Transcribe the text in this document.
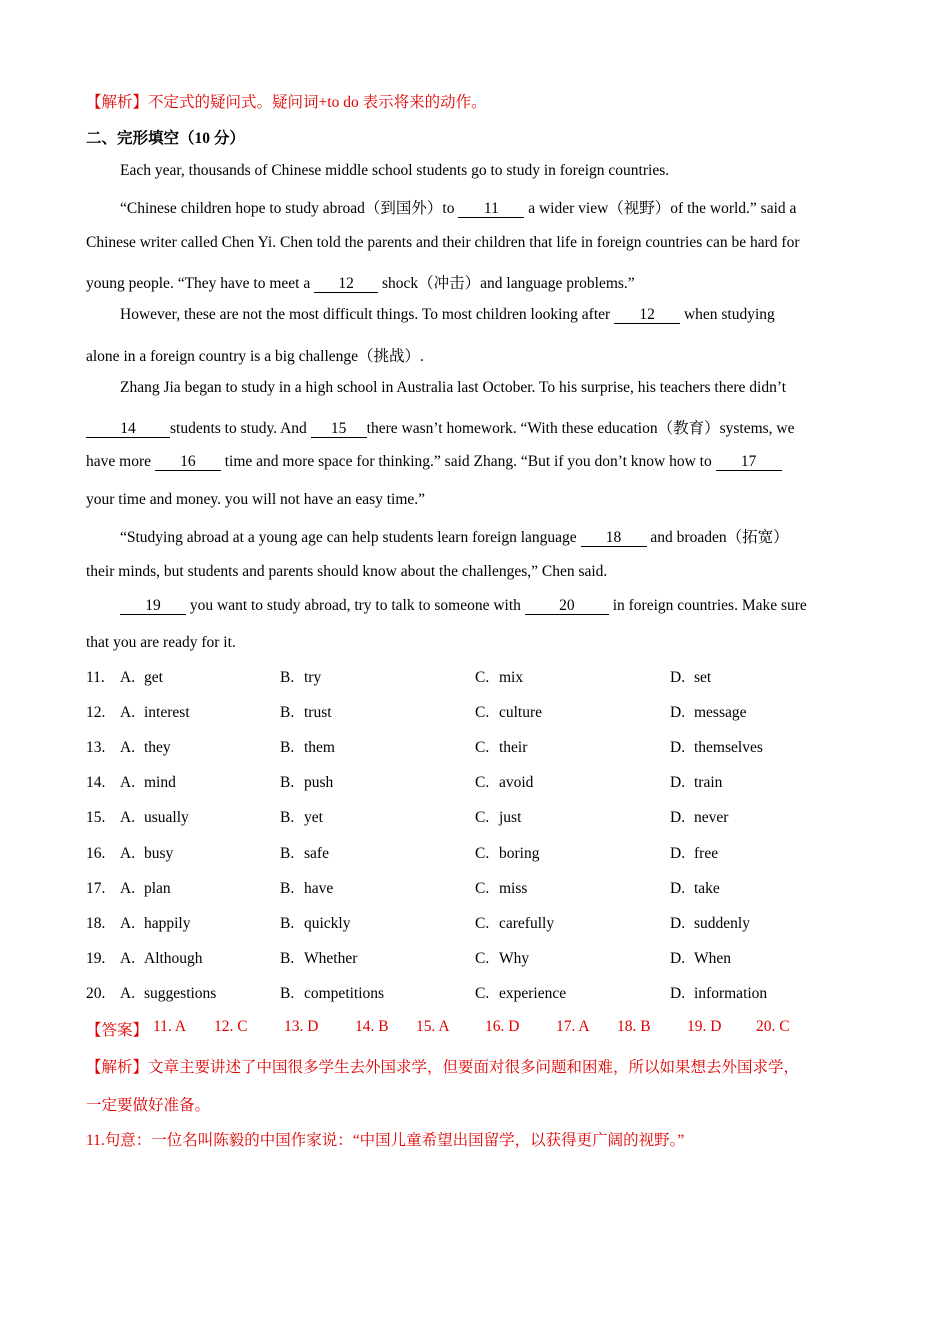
【解析】不定式的疑问式。疑问词+to do 表示将来的动作。
二、完形填空（10 分）
Each year, thousands of Chinese middle school students go to study in foreign countries.
“Chinese children hope to study abroad（到国外）to 11 a wider view（视野）of the world.” said a
Chinese writer called Chen Yi. Chen told the parents and their children that life in foreign countries can be hard for
young people. “They have to meet a 12 shock（冲击）and language problems.”
However, these are not the most difficult things. To most children looking after 12 when studying
alone in a foreign country is a big challenge（挑战）.
Zhang Jia began to study in a high school in Australia last October. To his surprise, his teachers there didn’t
14 students to study. And 15 there wasn’t homework. “With these education（教育）systems, we
have more 16 time and more space for thinking.” said Zhang. “But if you don’t know how to 17
your time and money. you will not have an easy time.”
“Studying abroad at a young age can help students learn foreign language 18 and broaden（拓宽）
their minds, but students and parents should know about the challenges,” Chen said.
19 you want to study abroad, try to talk to someone with 20 in foreign countries. Make sure
that you are ready for it.
11. A. get	B. try	C. mix	D. set
12. A. interest	B. trust	C. culture	D. message
13. A. they	B. them	C. their	D. themselves
14. A. mind	B. push	C. avoid	D. train
15. A. usually	B. yet	C. just	D. never
16. A. busy	B. safe	C. boring	D. free
17. A. plan	B. have	C. miss	D. take
18. A. happily	B. quickly	C. carefully	D. suddenly
19. A. Although	B. Whether	C. Why	D. When
20. A. suggestions	B. competitions	C. experience	D. information
【答案】 11. A 12. C 13. D 14. B 15. A 16. D 17. A 18. B 19. D 20. C
【解析】文章主要讲述了中国很多学生去外国求学，但要面对很多问题和困难，所以如果想去外国求学，
一定要做好准备。
11.句意：一位名叫陈毅的中国作家说：“中国儿童希望出国留学，以获得更广阔的视野。”
